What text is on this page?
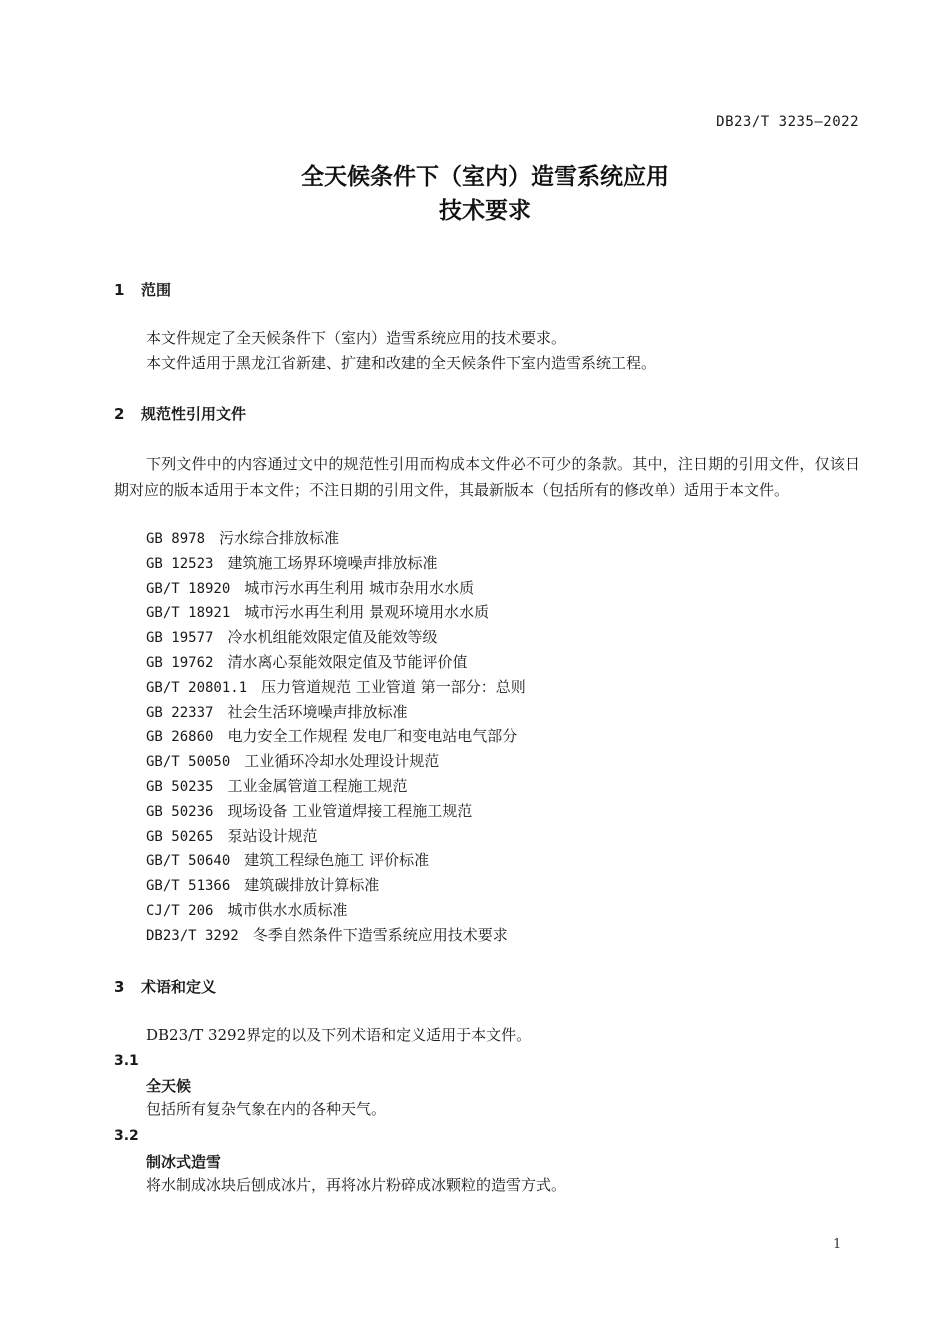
DB23/T 3235—2022
全天候条件下（室内）造雪系统应用
技术要求
1 范围
本文件规定了全天候条件下（室内）造雪系统应用的技术要求。
本文件适用于黑龙江省新建、扩建和改建的全天候条件下室内造雪系统工程。
2 规范性引用文件
下列文件中的内容通过文中的规范性引用而构成本文件必不可少的条款。其中，注日期的引用文件，仅该日期对应的版本适用于本文件；不注日期的引用文件，其最新版本（包括所有的修改单）适用于本文件。
GB 8978 污水综合排放标准
GB 12523 建筑施工场界环境噪声排放标准
GB/T 18920 城市污水再生利用 城市杂用水水质
GB/T 18921 城市污水再生利用 景观环境用水水质
GB 19577 冷水机组能效限定值及能效等级
GB 19762 清水离心泵能效限定值及节能评价值
GB/T 20801.1 压力管道规范 工业管道 第一部分：总则
GB 22337 社会生活环境噪声排放标准
GB 26860 电力安全工作规程 发电厂和变电站电气部分
GB/T 50050 工业循环冷却水处理设计规范
GB 50235 工业金属管道工程施工规范
GB 50236 现场设备 工业管道焊接工程施工规范
GB 50265 泵站设计规范
GB/T 50640 建筑工程绿色施工 评价标准
GB/T 51366 建筑碳排放计算标准
CJ/T 206 城市供水水质标准
DB23/T 3292 冬季自然条件下造雪系统应用技术要求
3 术语和定义
DB23/T 3292界定的以及下列术语和定义适用于本文件。
3.1
全天候
包括所有复杂气象在内的各种天气。
3.2
制冰式造雪
将水制成冰块后刨成冰片，再将冰片粉碎成冰颗粒的造雪方式。
1
